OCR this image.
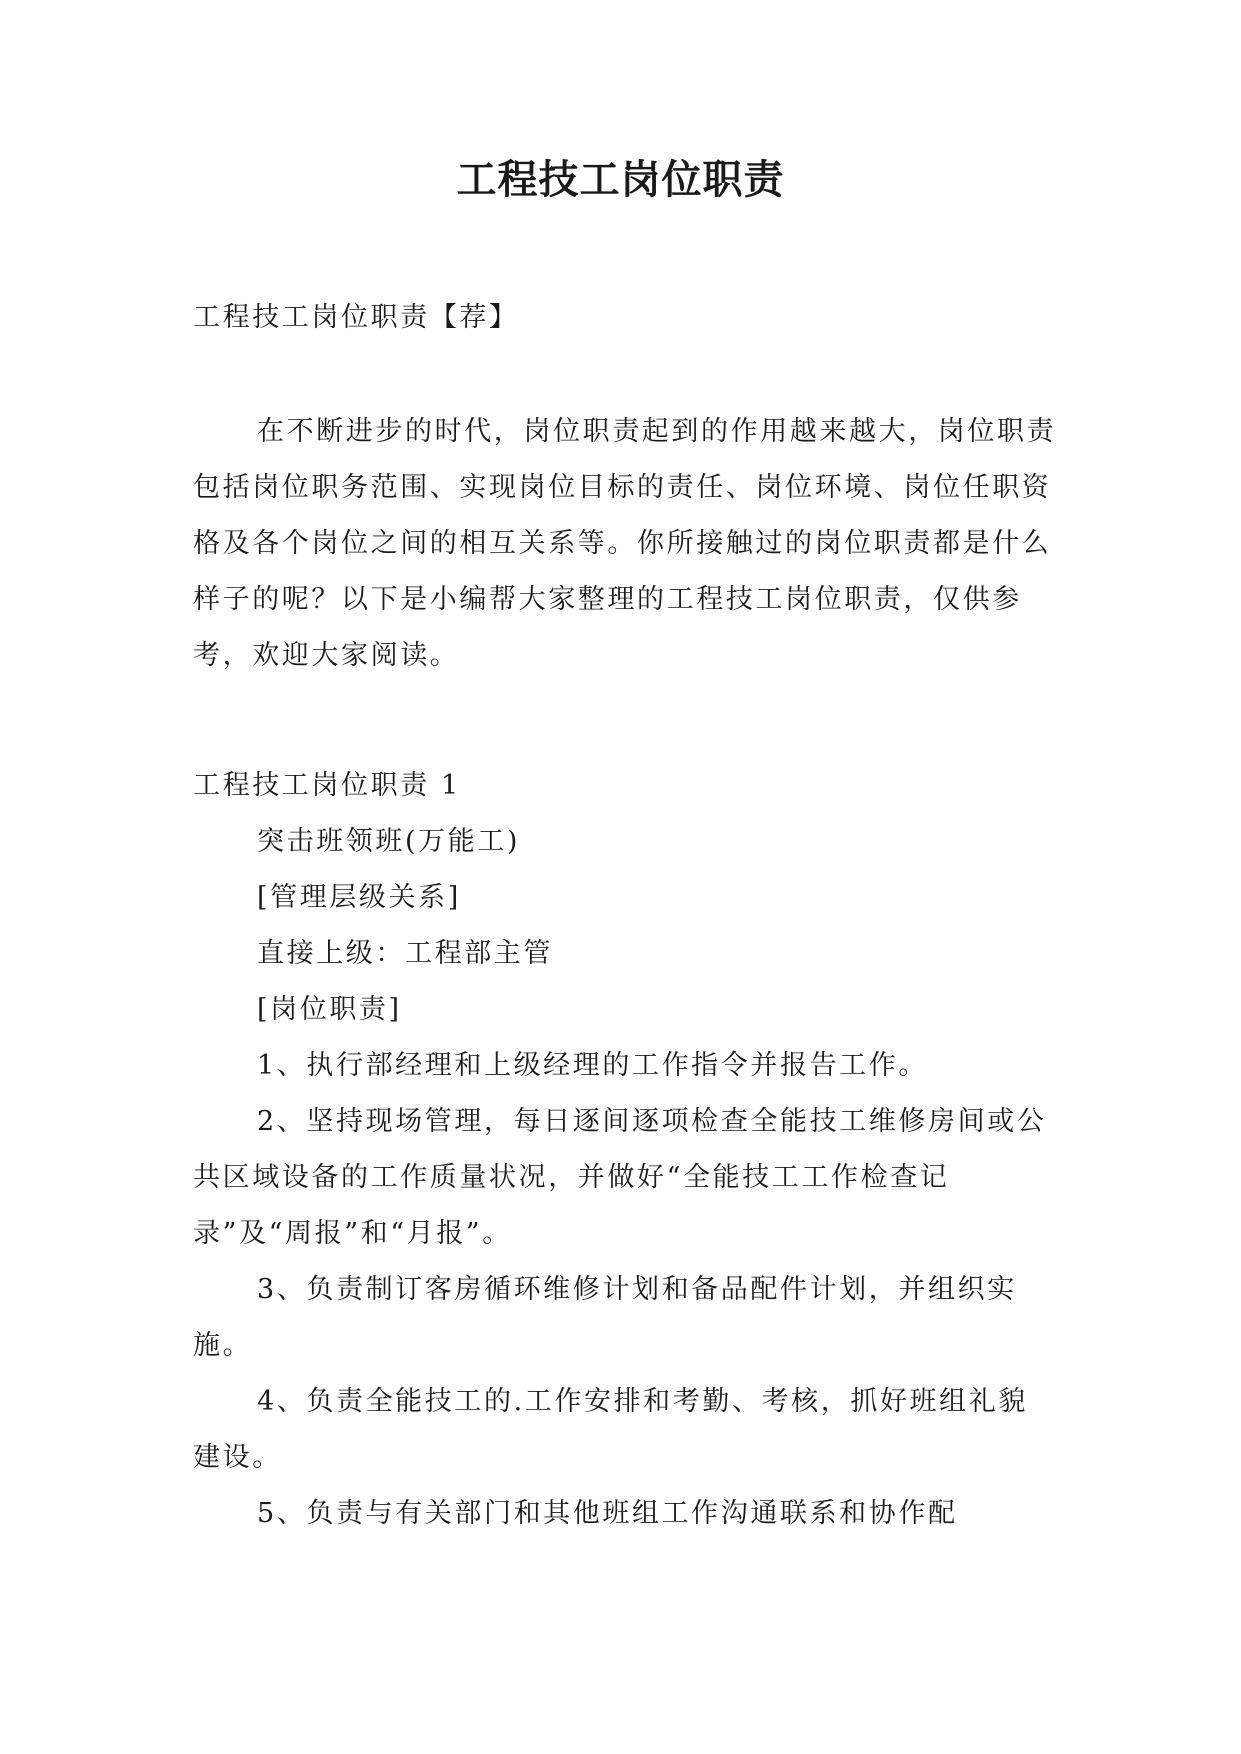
工程技工岗位职责
工程技工岗位职责【荐】

在不断进步的时代，岗位职责起到的作用越来越大，岗位职责包括岗位职务范围、实现岗位目标的责任、岗位环境、岗位任职资格及各个岗位之间的相互关系等。你所接触过的岗位职责都是什么样子的呢？以下是小编帮大家整理的工程技工岗位职责，仅供参考，欢迎大家阅读。

工程技工岗位职责 1

突击班领班(万能工)

[管理层级关系]

直接上级：工程部主管

[岗位职责]

1、执行部经理和上级经理的工作指令并报告工作。

2、坚持现场管理，每日逐间逐项检查全能技工维修房间或公共区域设备的工作质量状况，并做好“全能技工工作检查记录”及“周报”和“月报”。

3、负责制订客房循环维修计划和备品配件计划，并组织实施。

4、负责全能技工的.工作安排和考勤、考核，抓好班组礼貌建设。

5、负责与有关部门和其他班组工作沟通联系和协作配
